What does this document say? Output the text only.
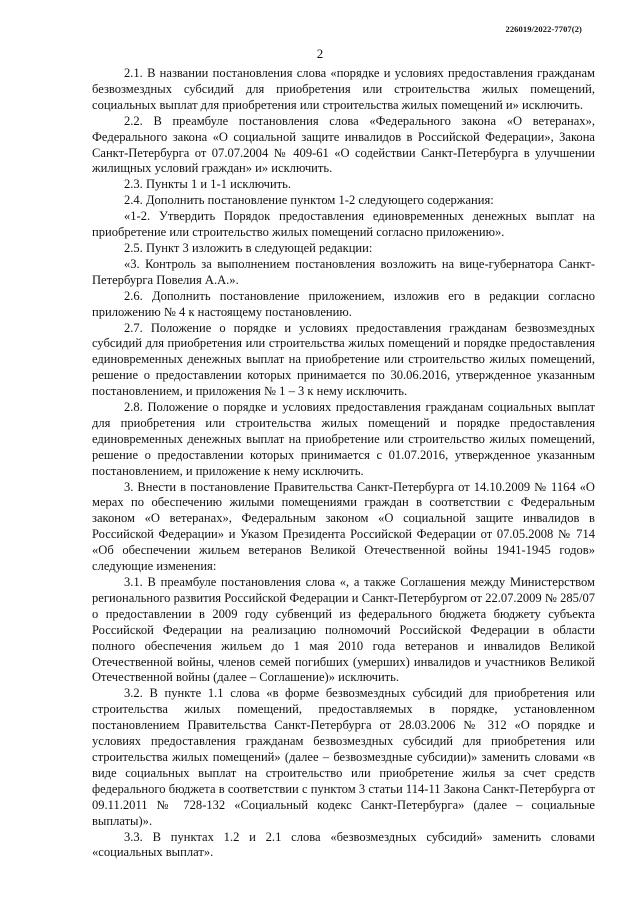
226019/2022-7707(2)
2

2.1. В названии постановления слова «порядке и условиях предоставления гражданам безвозмездных субсидий для приобретения или строительства жилых помещений, социальных выплат для приобретения или строительства жилых помещений и» исключить.

2.2. В преамбуле постановления слова «Федерального закона «О ветеранах», Федерального закона «О социальной защите инвалидов в Российской Федерации», Закона Санкт-Петербурга от 07.07.2004 № 409-61 «О содействии Санкт-Петербурга в улучшении жилищных условий граждан» и» исключить.

2.3. Пункты 1 и 1-1 исключить.

2.4. Дополнить постановление пунктом 1-2 следующего содержания:

«1-2. Утвердить Порядок предоставления единовременных денежных выплат на приобретение или строительство жилых помещений согласно приложению».

2.5. Пункт 3 изложить в следующей редакции:

«3. Контроль за выполнением постановления возложить на вице-губернатора Санкт-Петербурга Повелия А.А.».

2.6. Дополнить постановление приложением, изложив его в редакции согласно приложению № 4 к настоящему постановлению.

2.7. Положение о порядке и условиях предоставления гражданам безвозмездных субсидий для приобретения или строительства жилых помещений и порядке предоставления единовременных денежных выплат на приобретение или строительство жилых помещений, решение о предоставлении которых принимается по 30.06.2016, утвержденное указанным постановлением, и приложения № 1 – 3 к нему исключить.

2.8. Положение о порядке и условиях предоставления гражданам социальных выплат для приобретения или строительства жилых помещений и порядке предоставления единовременных денежных выплат на приобретение или строительство жилых помещений, решение о предоставлении которых принимается с 01.07.2016, утвержденное указанным постановлением, и приложение к нему исключить.

3. Внести в постановление Правительства Санкт-Петербурга от 14.10.2009 № 1164 «О мерах по обеспечению жилыми помещениями граждан в соответствии с Федеральным законом «О ветеранах», Федеральным законом «О социальной защите инвалидов в Российской Федерации» и Указом Президента Российской Федерации от 07.05.2008 № 714 «Об обеспечении жильем ветеранов Великой Отечественной войны 1941-1945 годов» следующие изменения:

3.1. В преамбуле постановления слова «, а также Соглашения между Министерством регионального развития Российской Федерации и Санкт-Петербургом от 22.07.2009 № 285/07 о предоставлении в 2009 году субвенций из федерального бюджета бюджету субъекта Российской Федерации на реализацию полномочий Российской Федерации в области полного обеспечения жильем до 1 мая 2010 года ветеранов и инвалидов Великой Отечественной войны, членов семей погибших (умерших) инвалидов и участников Великой Отечественной войны (далее – Соглашение)» исключить.

3.2. В пункте 1.1 слова «в форме безвозмездных субсидий для приобретения или строительства жилых помещений, предоставляемых в порядке, установленном постановлением Правительства Санкт-Петербурга от 28.03.2006 № 312 «О порядке и условиях предоставления гражданам безвозмездных субсидий для приобретения или строительства жилых помещений» (далее – безвозмездные субсидии)» заменить словами «в виде социальных выплат на строительство или приобретение жилья за счет средств федерального бюджета в соответствии с пунктом 3 статьи 114-11 Закона Санкт-Петербурга от 09.11.2011 № 728-132 «Социальный кодекс Санкт-Петербурга» (далее – социальные выплаты)».

3.3. В пунктах 1.2 и 2.1 слова «безвозмездных субсидий» заменить словами «социальных выплат».
